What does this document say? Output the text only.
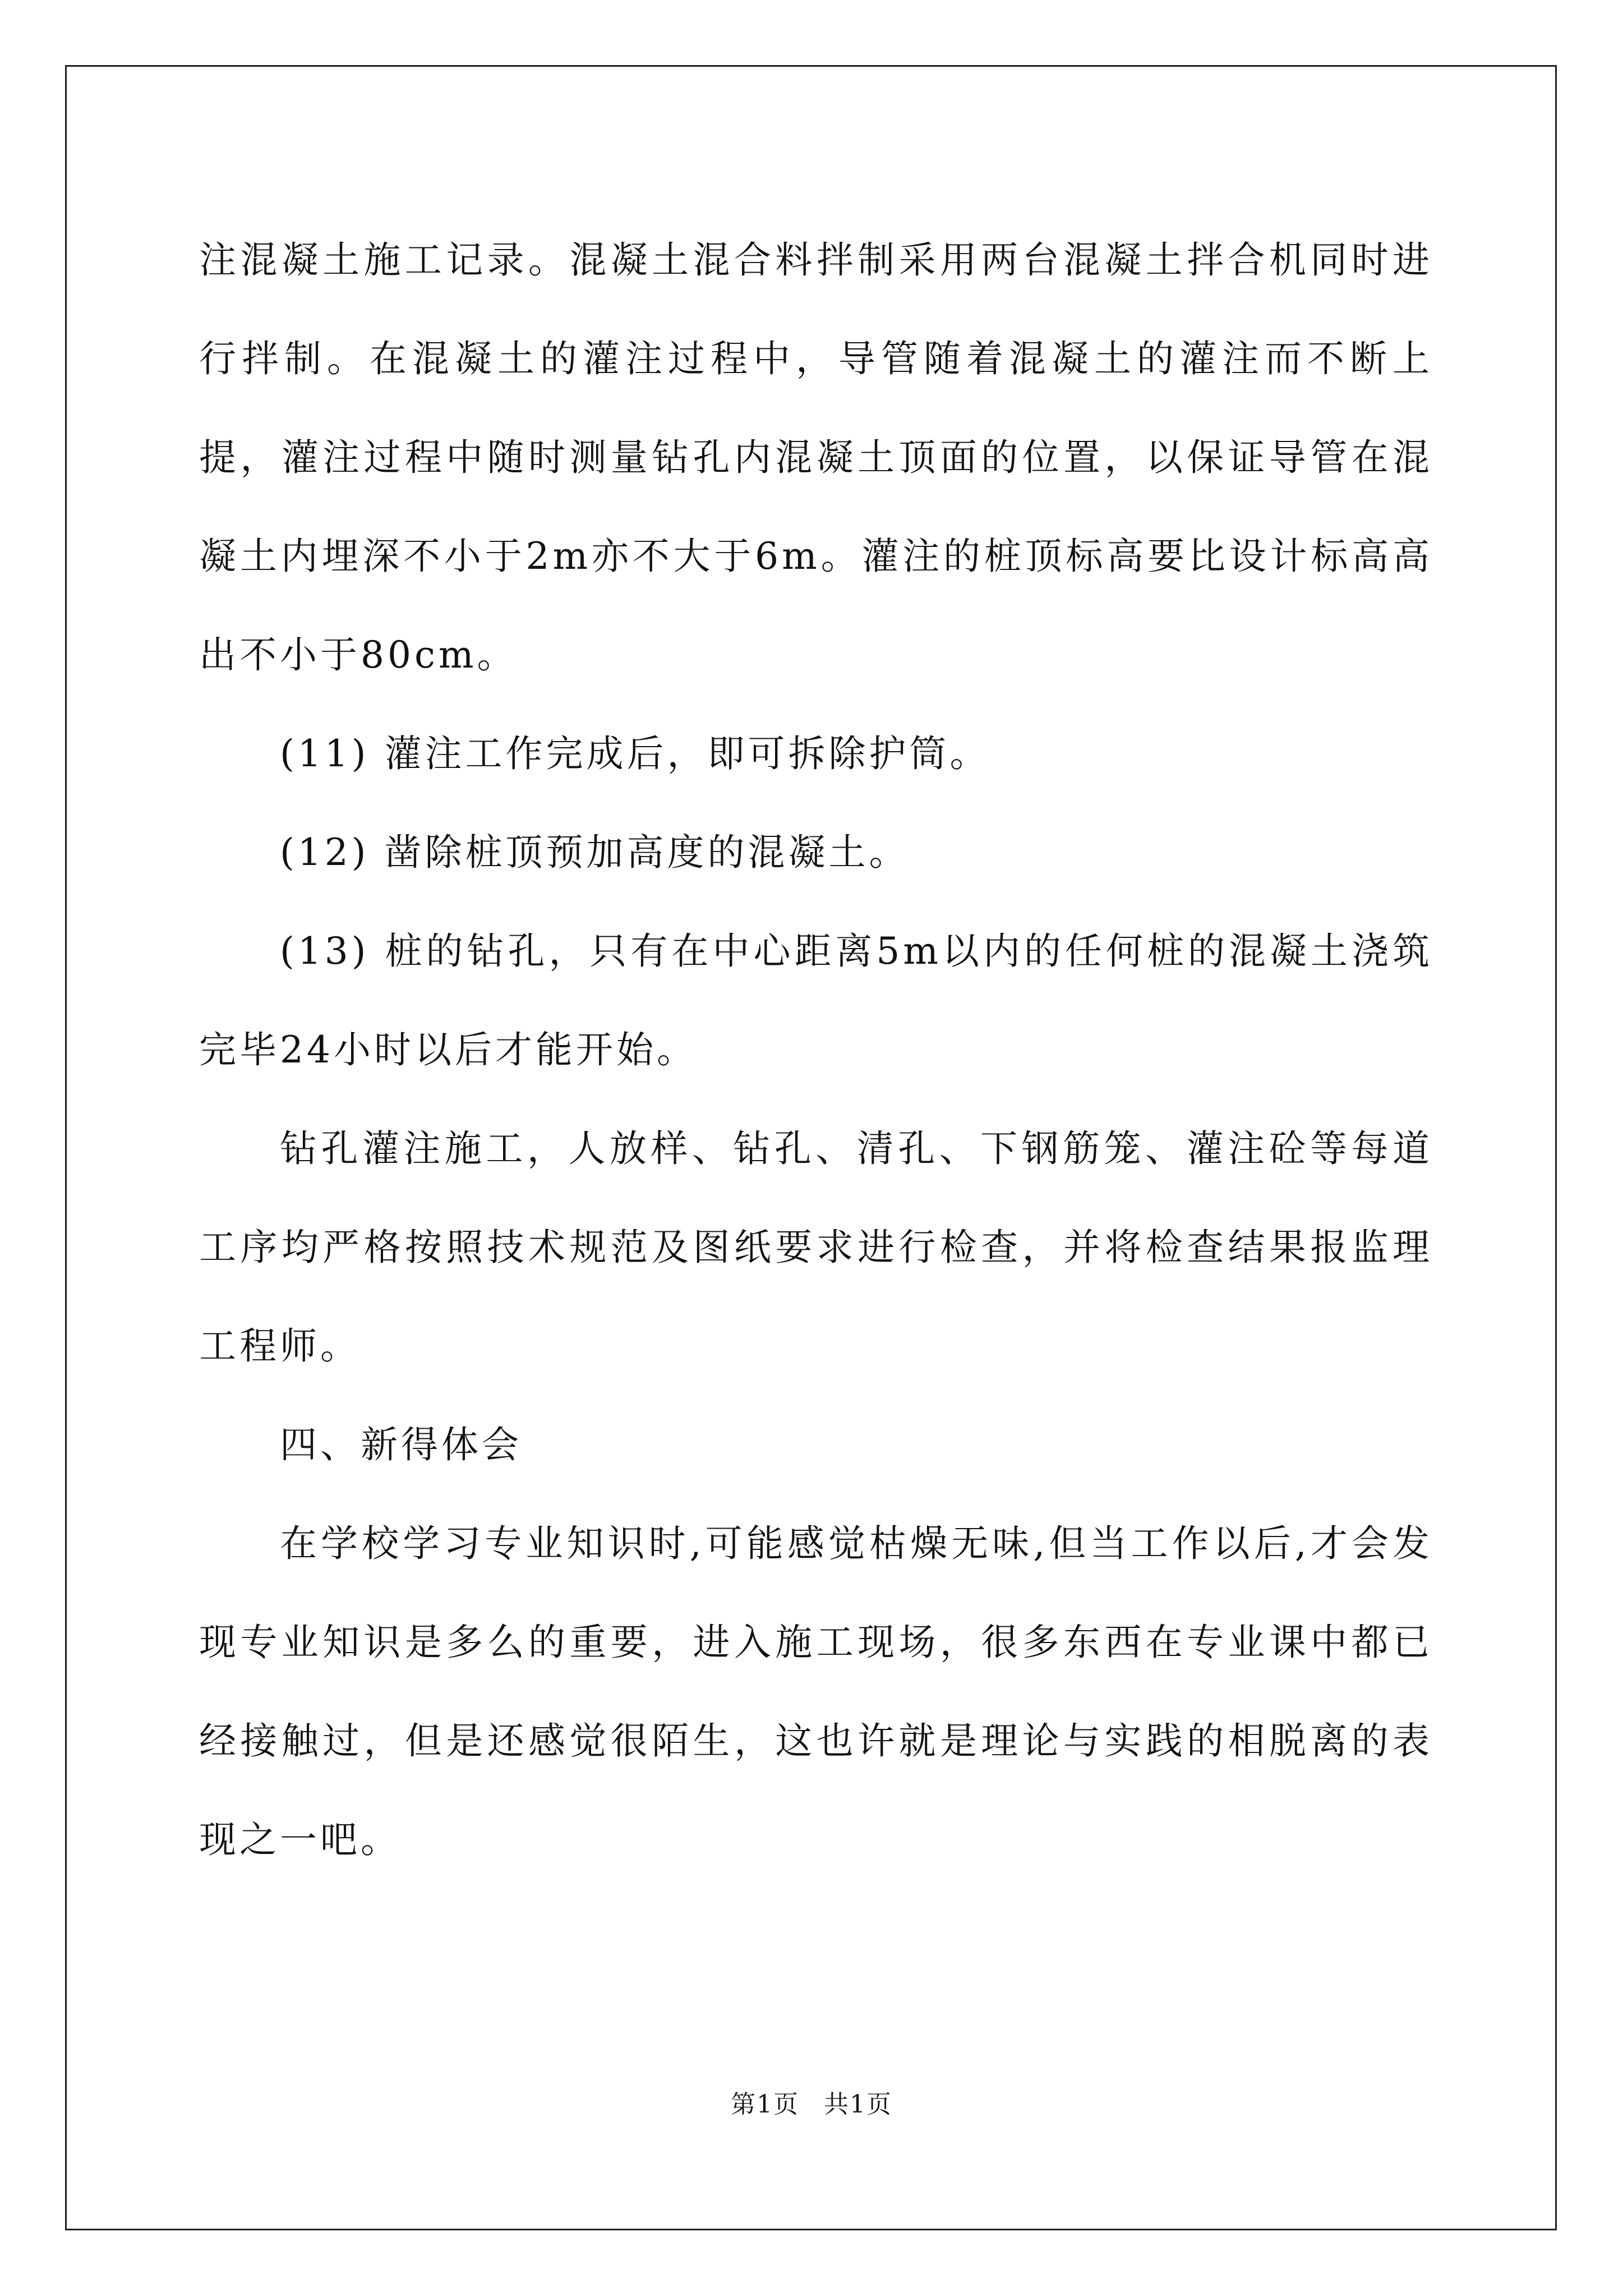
注混凝土施工记录。混凝土混合料拌制采用两台混凝土拌合机同时进行拌制。在混凝土的灌注过程中，导管随着混凝土的灌注而不断上提，灌注过程中随时测量钻孔内混凝土顶面的位置，以保证导管在混凝土内埋深不小于2m亦不大于6m。灌注的桩顶标高要比设计标高高出不小于80cm。

(11) 灌注工作完成后，即可拆除护筒。

(12) 凿除桩顶预加高度的混凝土。

(13) 桩的钻孔，只有在中心距离5m以内的任何桩的混凝土浇筑完毕24小时以后才能开始。

钻孔灌注施工，人放样、钻孔、清孔、下钢筋笼、灌注砼等每道工序均严格按照技术规范及图纸要求进行检查，并将检查结果报监理工程师。

四、新得体会

在学校学习专业知识时,可能感觉枯燥无味,但当工作以后,才会发现专业知识是多么的重要，进入施工现场，很多东西在专业课中都已经接触过，但是还感觉很陌生，这也许就是理论与实践的相脱离的表现之一吧。

第1页 共1页
